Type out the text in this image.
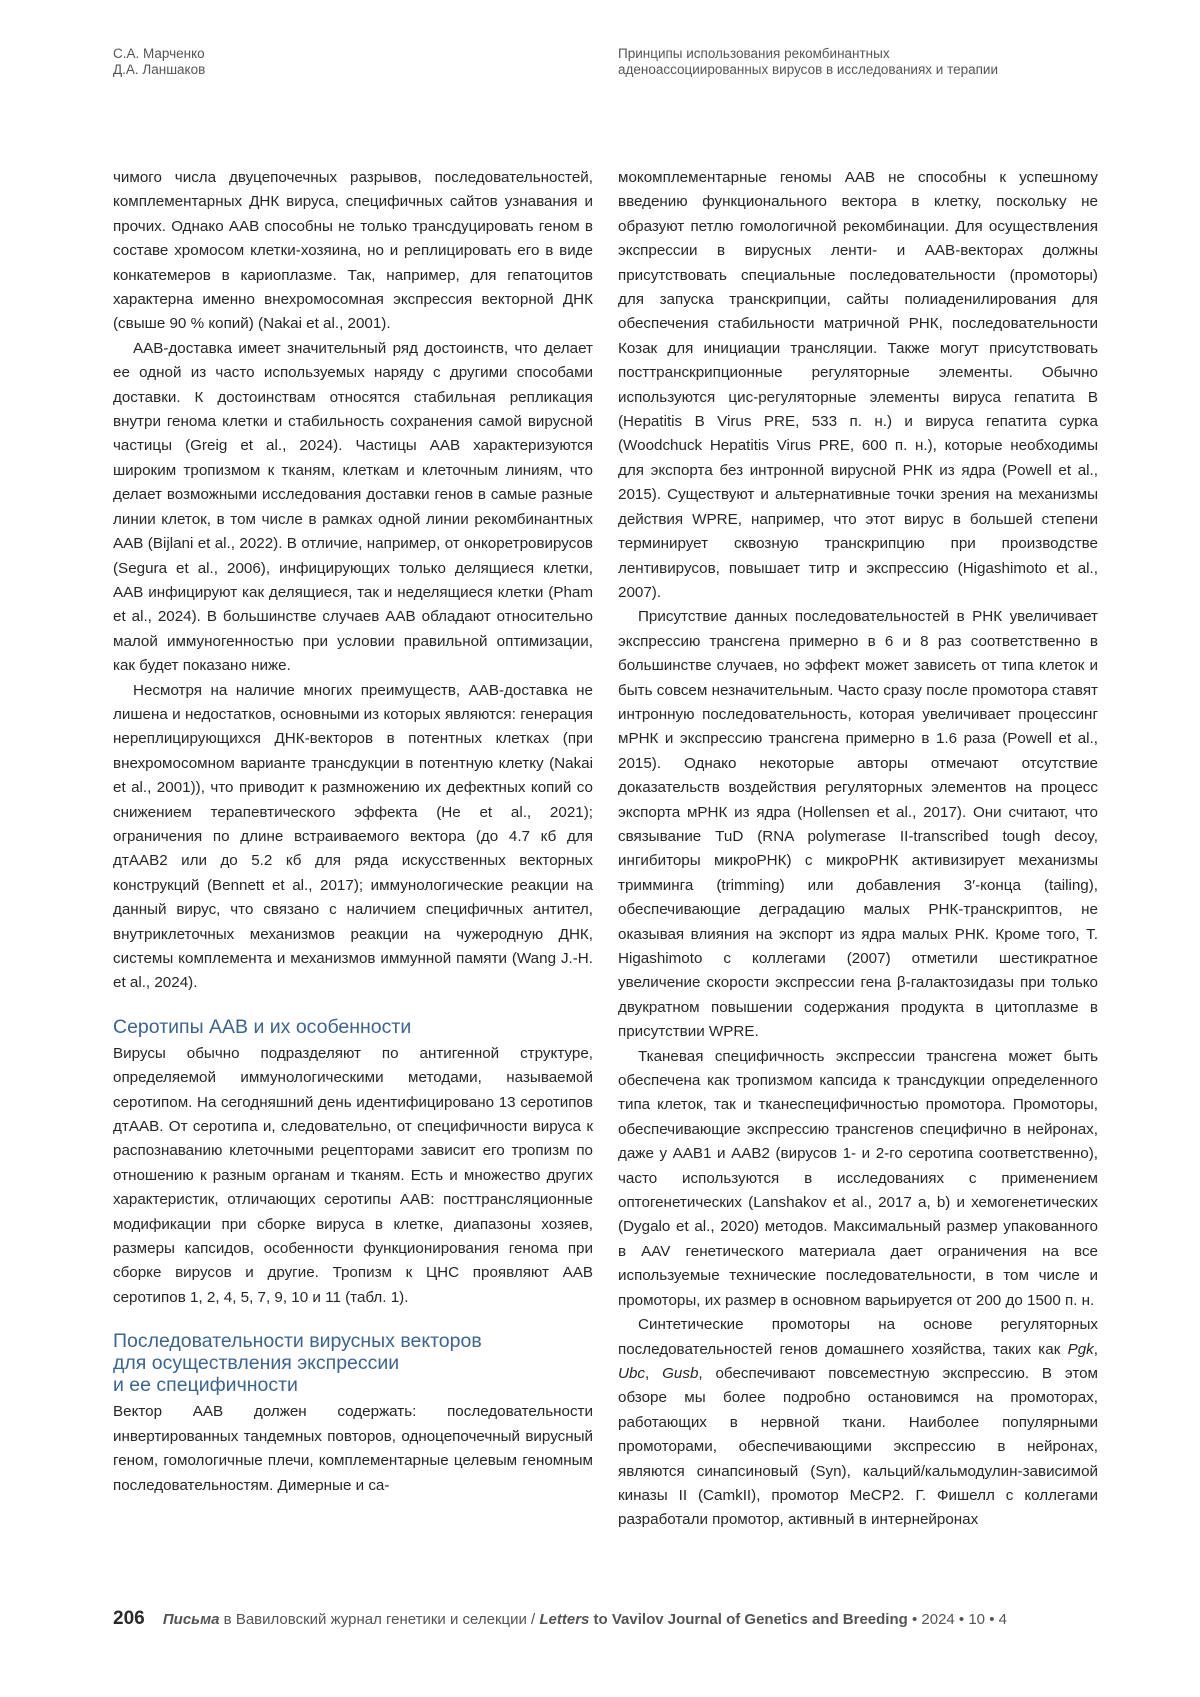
С.А. Марченко
Д.А. Ланшаков
Принципы использования рекомбинантных
аденоассоциированных вирусов в исследованиях и терапии

чимого числа двуцепочечных разрывов, последовательностей, комплементарных ДНК вируса, специфичных сайтов узнавания и прочих. Однако ААВ способны не только трансдуцировать геном в составе хромосом клетки-хозяина, но и реплицировать его в виде конкатемеров в кариоплазме. Так, например, для гепатоцитов характерна именно внехромосомная экспрессия векторной ДНК (свыше 90 % копий) (Nakai et al., 2001).

ААВ-доставка имеет значительный ряд достоинств, что делает ее одной из часто используемых наряду с другими способами доставки. К достоинствам относятся стабильная репликация внутри генома клетки и стабильность сохранения самой вирусной частицы (Greig et al., 2024). Частицы ААВ характеризуются широким тропизмом к тканям, клеткам и клеточным линиям, что делает возможными исследования доставки генов в самые разные линии клеток, в том числе в рамках одной линии рекомбинантных ААВ (Bijlani et al., 2022). В отличие, например, от онкоретровирусов (Segura et al., 2006), инфицирующих только делящиеся клетки, ААВ инфицируют как делящиеся, так и неделящиеся клетки (Pham et al., 2024). В большинстве случаев ААВ обладают относительно малой иммуногенностью при условии правильной оптимизации, как будет показано ниже.

Несмотря на наличие многих преимуществ, ААВ-доставка не лишена и недостатков, основными из которых являются: генерация нереплицирующихся ДНК-векторов в потентных клетках (при внехромосомном варианте трансдукции в потентную клетку (Nakai et al., 2001)), что приводит к размножению их дефектных копий со снижением терапевтического эффекта (He et al., 2021); ограничения по длине встраиваемого вектора (до 4.7 кб для дтААВ2 или до 5.2 кб для ряда искусственных векторных конструкций (Bennett et al., 2017); иммунологические реакции на данный вирус, что связано с наличием специфичных антител, внутриклеточных механизмов реакции на чужеродную ДНК, системы комплемента и механизмов иммунной памяти (Wang J.-H. et al., 2024).

Серотипы ААВ и их особенности

Вирусы обычно подразделяют по антигенной структуре, определяемой иммунологическими методами, называемой серотипом. На сегодняшний день идентифицировано 13 серотипов дтААВ. От серотипа и, следовательно, от специфичности вируса к распознаванию клеточными рецепторами зависит его тропизм по отношению к разным органам и тканям. Есть и множество других характеристик, отличающих серотипы ААВ: посттрансляционные модификации при сборке вируса в клетке, диапазоны хозяев, размеры капсидов, особенности функционирования генома при сборке вирусов и другие. Тропизм к ЦНС проявляют ААВ серотипов 1, 2, 4, 5, 7, 9, 10 и 11 (табл. 1).

Последовательности вирусных векторов
для осуществления экспрессии
и ее специфичности

Вектор ААВ должен содержать: последовательности инвертированных тандемных повторов, одноцепочечный вирусный геном, гомологичные плечи, комплементарные целевым геномным последовательностям. Димерные и са-

мокомплементарные геномы ААВ не способны к успешному введению функционального вектора в клетку, поскольку не образуют петлю гомологичной рекомбинации. Для осуществления экспрессии в вирусных ленти- и ААВ-векторах должны присутствовать специальные последовательности (промоторы) для запуска транскрипции, сайты полиаденилирования для обеспечения стабильности матричной РНК, последовательности Козак для инициации трансляции. Также могут присутствовать посттранскрипционные регуляторные элементы. Обычно используются цис-регуляторные элементы вируса гепатита В (Hepatitis B Virus PRE, 533 п. н.) и вируса гепатита сурка (Woodchuck Hepatitis Virus PRE, 600 п. н.), которые необходимы для экспорта без интронной вирусной РНК из ядра (Powell et al., 2015). Существуют и альтернативные точки зрения на механизмы действия WPRE, например, что этот вирус в большей степени терминирует сквозную транскрипцию при производстве лентивирусов, повышает титр и экспрессию (Higashimoto et al., 2007).

Присутствие данных последовательностей в РНК увеличивает экспрессию трансгена примерно в 6 и 8 раз соответственно в большинстве случаев, но эффект может зависеть от типа клеток и быть совсем незначительным. Часто сразу после промотора ставят интронную последовательность, которая увеличивает процессинг мРНК и экспрессию трансгена примерно в 1.6 раза (Powell et al., 2015). Однако некоторые авторы отмечают отсутствие доказательств воздействия регуляторных элементов на процесс экспорта мРНК из ядра (Hollensen et al., 2017). Они считают, что связывание TuD (RNA polymerase II-transcribed tough decoy, ингибиторы микроРНК) с микроРНК активизирует механизмы тримминга (trimming) или добавления 3′-конца (tailing), обеспечивающие деградацию малых РНК-транскриптов, не оказывая влияния на экспорт из ядра малых РНК. Кроме того, T. Higashimoto с коллегами (2007) отметили шестикратное увеличение скорости экспрессии гена β-галактозидазы при только двукратном повышении содержания продукта в цитоплазме в присутствии WPRE.

Тканевая специфичность экспрессии трансгена может быть обеспечена как тропизмом капсида к трансдукции определенного типа клеток, так и тканеспецифичностью промотора. Промоторы, обеспечивающие экспрессию трансгенов специфично в нейронах, даже у ААВ1 и ААВ2 (вирусов 1- и 2-го серотипа соответственно), часто используются в исследованиях с применением оптогенетических (Lanshakov et al., 2017 a, b) и хемогенетических (Dygalo et al., 2020) методов. Максимальный размер упакованного в AAV генетического материала дает ограничения на все используемые технические последовательности, в том числе и промоторы, их размер в основном варьируется от 200 до 1500 п. н.

Синтетические промоторы на основе регуляторных последовательностей генов домашнего хозяйства, таких как Pgk, Ubc, Gusb, обеспечивают повсеместную экспрессию. В этом обзоре мы более подробно остановимся на промоторах, работающих в нервной ткани. Наиболее популярными промоторами, обеспечивающими экспрессию в нейронах, являются синапсиновый (Syn), кальций/кальмодулин-зависимой киназы II (CamkII), промотор MeCP2. Г. Фишелл с коллегами разработали промотор, активный в интернейронах

206 Письма в Вавиловский журнал генетики и селекции / Letters to Vavilov Journal of Genetics and Breeding • 2024 • 10 • 4
